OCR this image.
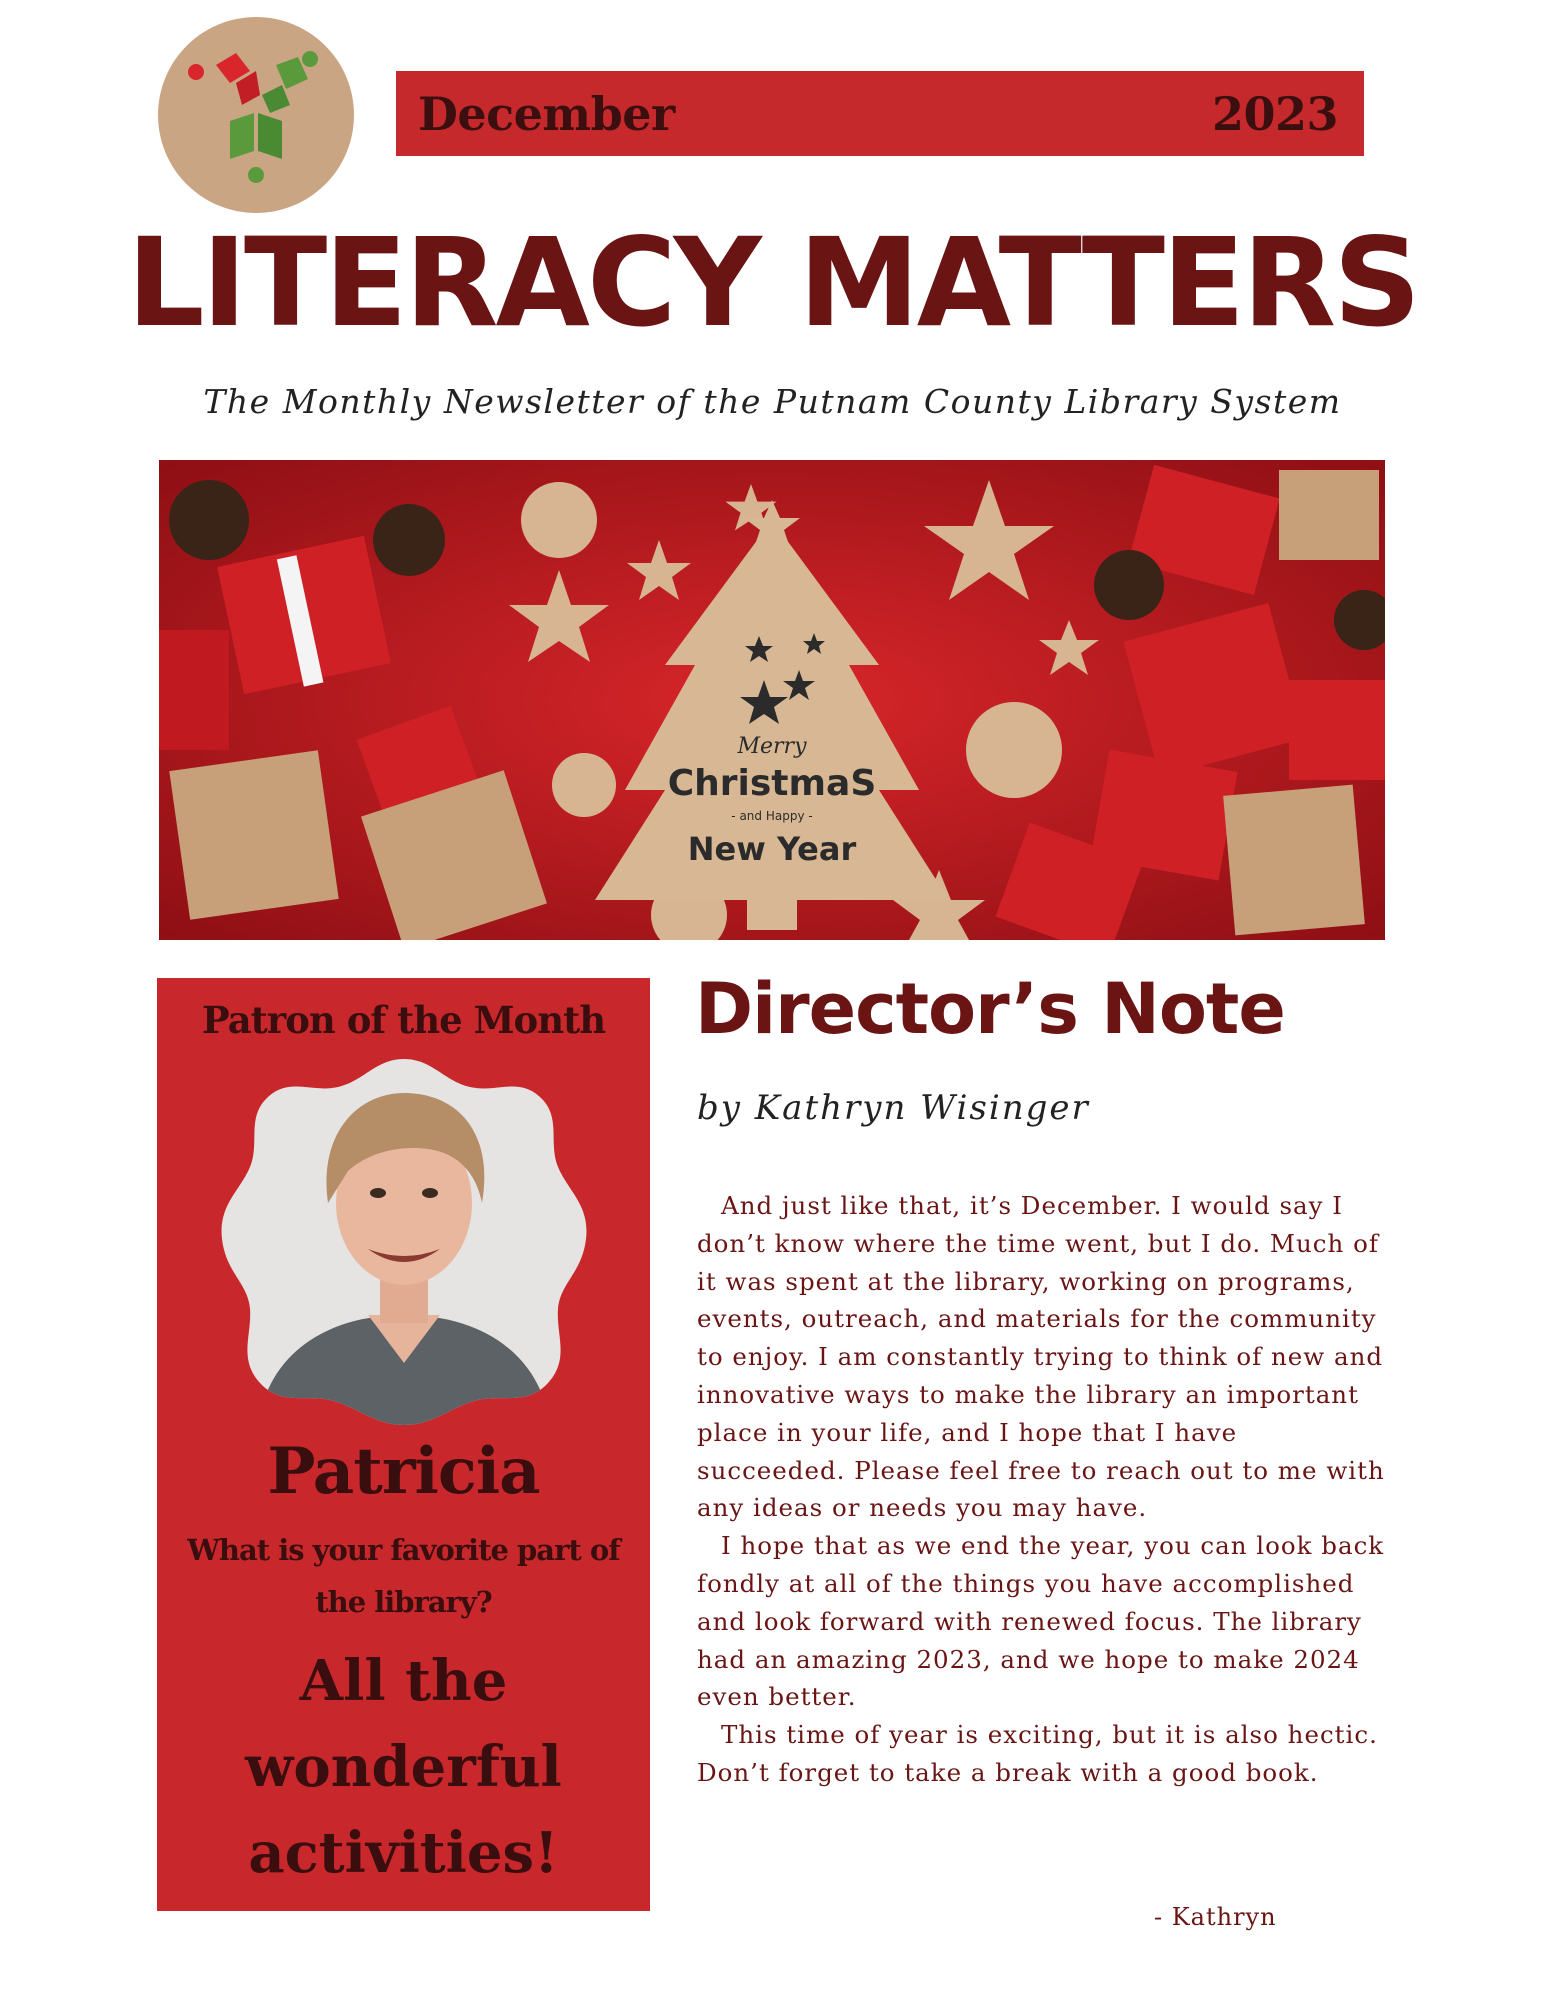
December	2023
LITERACY MATTERS
The Monthly Newsletter of the Putnam County Library System
Merry
ChristmaS
- and Happy -
New Year
Patron of the Month
Patricia
What is your favorite part of the library?
All the wonderful activities!
Director’s Note
by Kathryn Wisinger

And just like that, it’s December. I would say I don’t know where the time went, but I do. Much of it was spent at the library, working on programs, events, outreach, and materials for the community to enjoy. I am constantly trying to think of new and innovative ways to make the library an important place in your life, and I hope that I have succeeded. Please feel free to reach out to me with any ideas or needs you may have.

I hope that as we end the year, you can look back fondly at all of the things you have accomplished and look forward with renewed focus. The library had an amazing 2023, and we hope to make 2024 even better.

This time of year is exciting, but it is also hectic. Don’t forget to take a break with a good book.

- Kathryn
